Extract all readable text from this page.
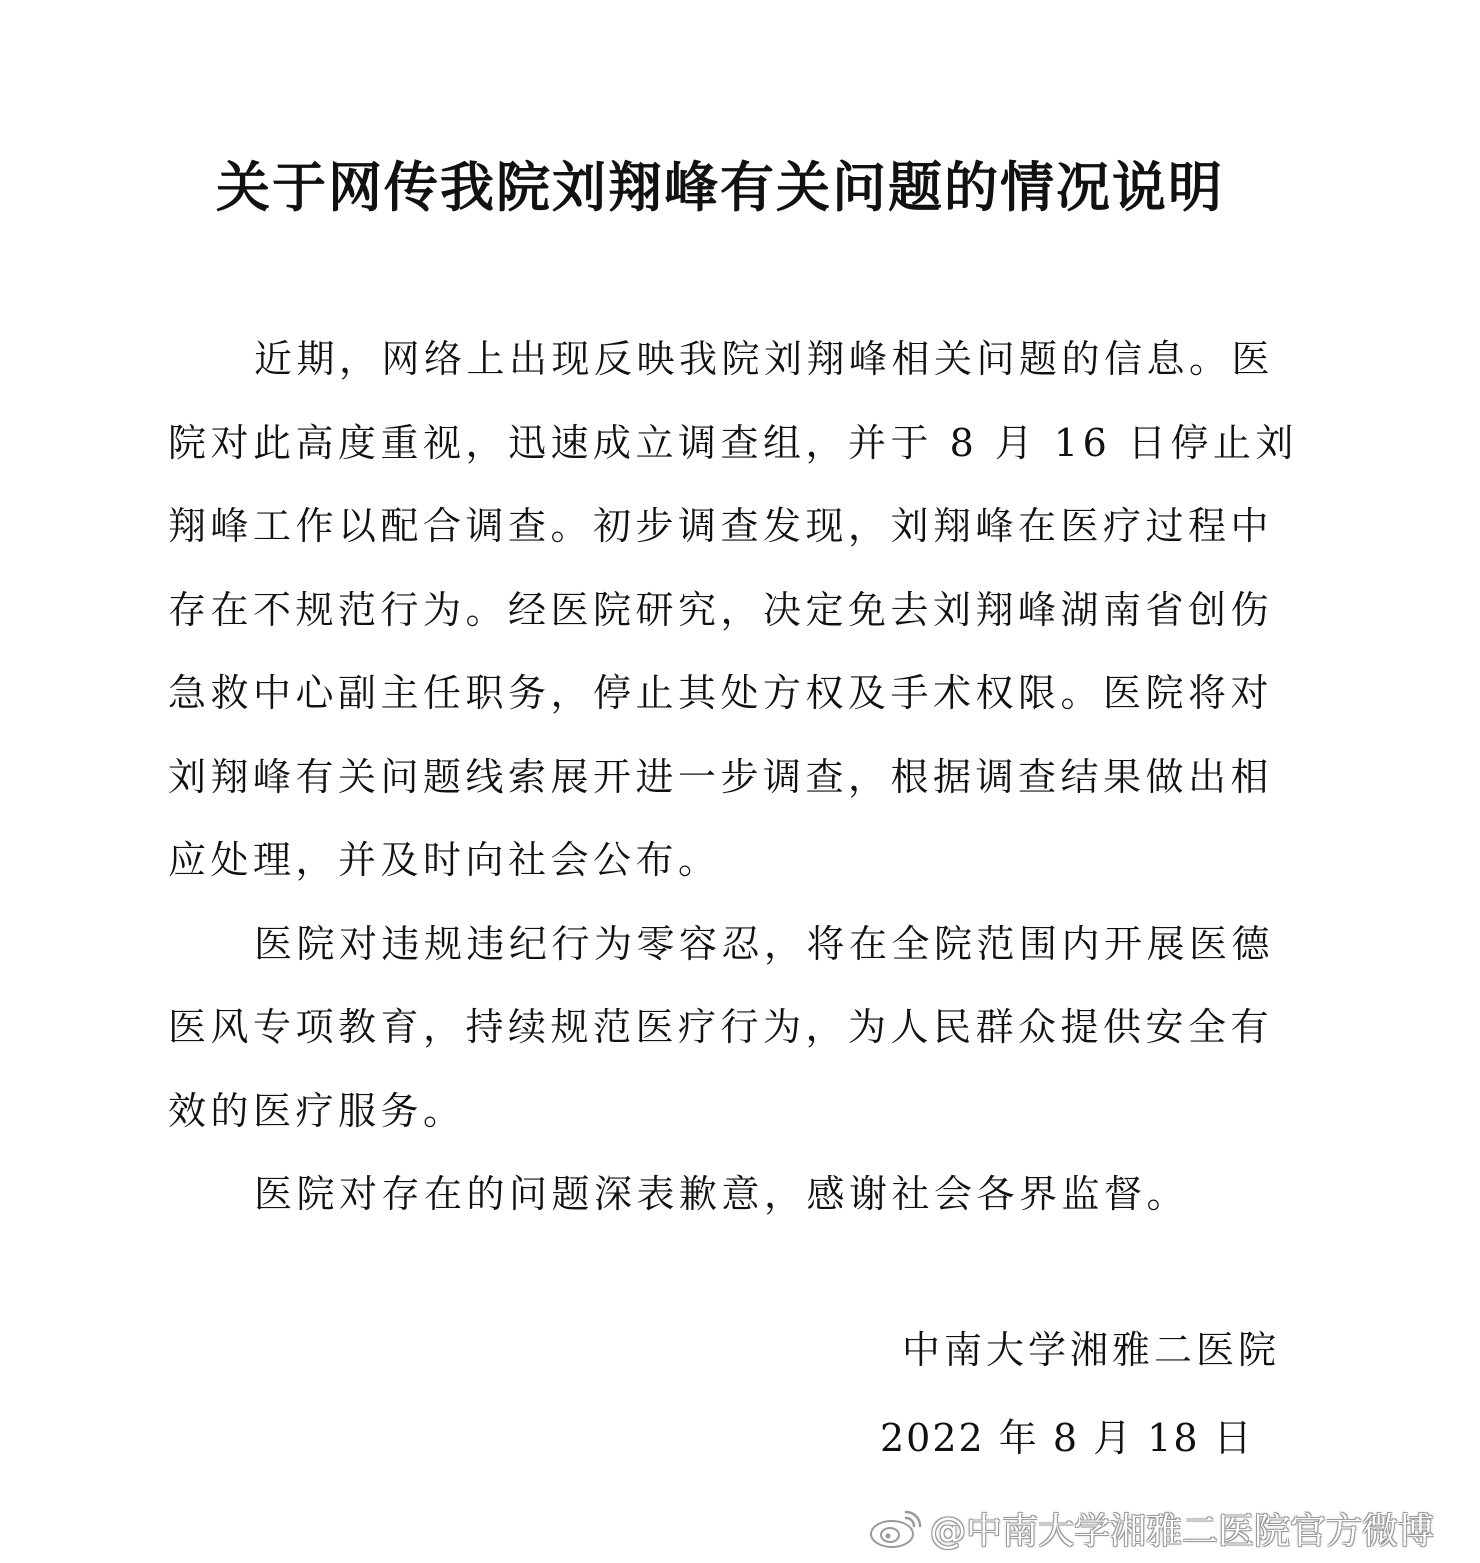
关于网传我院刘翔峰有关问题的情况说明
近期，网络上出现反映我院刘翔峰相关问题的信息。医
院对此高度重视，迅速成立调查组，并于 8 月 16 日停止刘
翔峰工作以配合调查。初步调查发现，刘翔峰在医疗过程中
存在不规范行为。经医院研究，决定免去刘翔峰湖南省创伤
急救中心副主任职务，停止其处方权及手术权限。医院将对
刘翔峰有关问题线索展开进一步调查，根据调查结果做出相
应处理，并及时向社会公布。
医院对违规违纪行为零容忍，将在全院范围内开展医德
医风专项教育，持续规范医疗行为，为人民群众提供安全有
效的医疗服务。
医院对存在的问题深表歉意，感谢社会各界监督。
中南大学湘雅二医院
2022 年 8 月 18 日
@中南大学湘雅二医院官方微博
